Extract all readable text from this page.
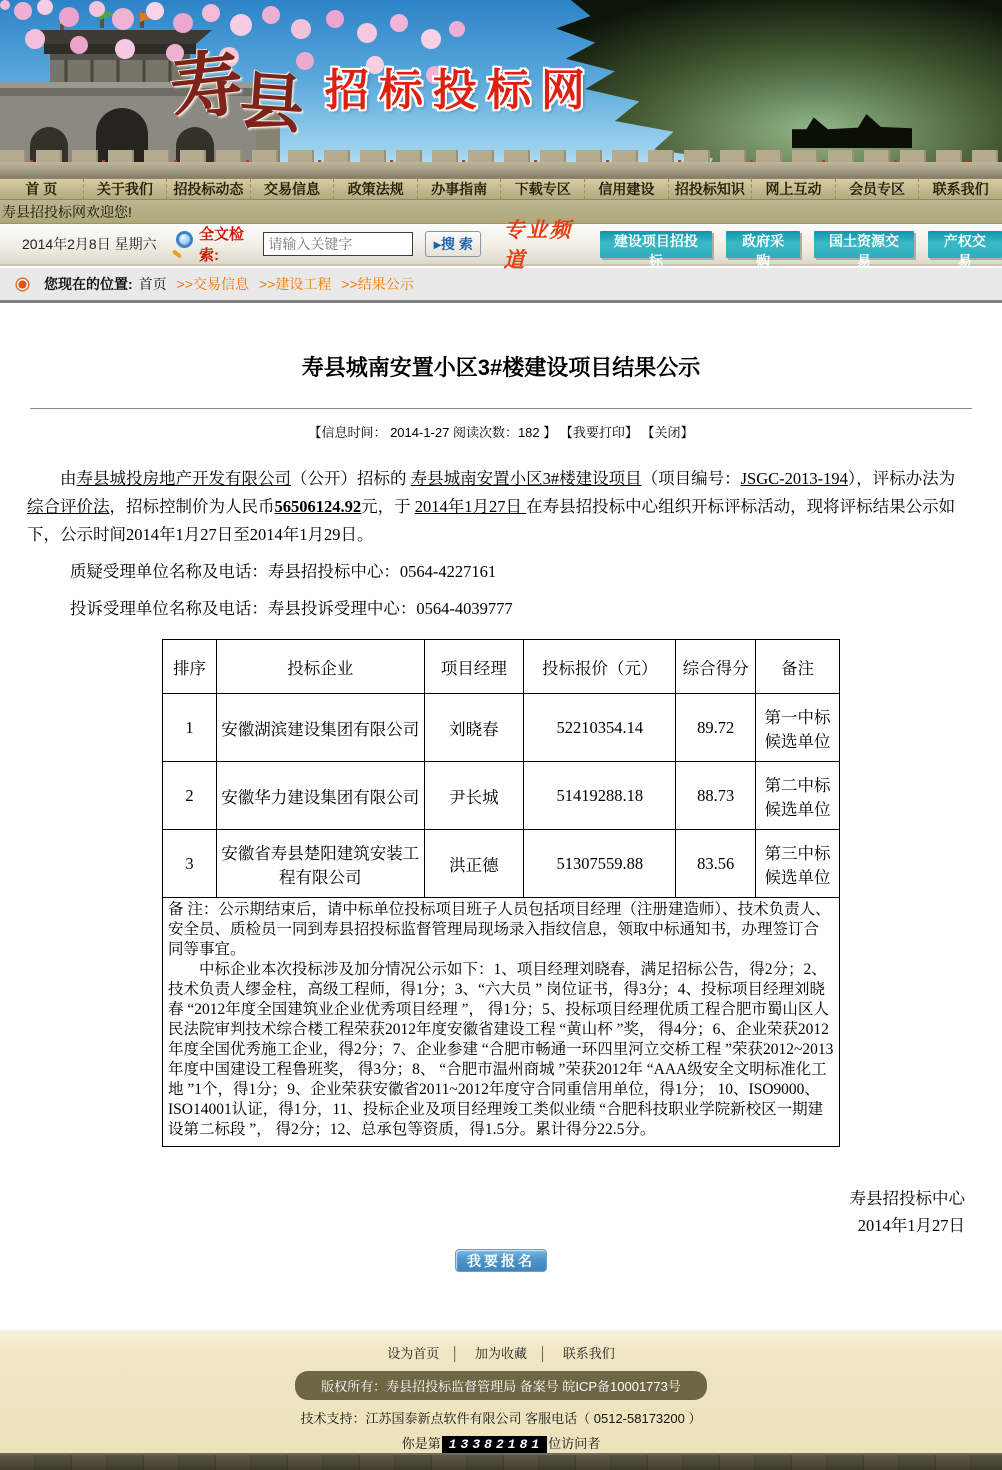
寿 县 招标投标网
首 页	关于我们	招投标动态	交易信息	政策法规	办事指南	下载专区	信用建设	招投标知识	网上互动	会员专区	联系我们
寿县招投标网欢迎您!
2014年2月8日 星期六
全文检索:
请输入关键字
▸搜 索
专业频道
建设项目招投标
政府采购
国土资源交易
产权交易
您现在的位置: 首页 >>交易信息 >>建设工程 >>结果公示
寿县城南安置小区3#楼建设项目结果公示
【信息时间： 2014-1-27 阅读次数：182 】 【我要打印】 【关闭】

由寿县城投房地产开发有限公司（公开）招标的 寿县城南安置小区3#楼建设项目（项目编号：JSGC-2013-194），评标办法为 综合评价法，招标控制价为人民币56506124.92元，于 2014年1月27日 在寿县招投标中心组织开标评标活动，现将评标结果公示如下，公示时间2014年1月27日至2014年1月29日。

质疑受理单位名称及电话：寿县招投标中心：0564-4227161

投诉受理单位名称及电话：寿县投诉受理中心：0564-4039777

排序	投标企业	项目经理	投标报价（元）	综合得分	备注
1	安徽湖滨建设集团有限公司	刘晓春	52210354.14	89.72	第一中标候选单位
2	安徽华力建设集团有限公司	尹长城	51419288.18	88.73	第二中标候选单位
3	安徽省寿县楚阳建筑安装工程有限公司	洪正德	51307559.88	83.56	第三中标候选单位

备 注：公示期结束后，请中标单位投标项目班子人员包括项目经理（注册建造师）、技术负责人、安全员、质检员一同到寿县招投标监督管理局现场录入指纹信息，领取中标通知书，办理签订合同等事宜。

中标企业本次投标涉及加分情况公示如下：1、项目经理刘晓春，满足招标公告，得2分；2、技术负责人缪金柱，高级工程师，得1分；3、“六大员 ” 岗位证书，得3分；4、投标项目经理刘晓春 “2012年度全国建筑业企业优秀项目经理 ”， 得1分；5、投标项目经理优质工程合肥市蜀山区人民法院审判技术综合楼工程荣获2012年度安徽省建设工程 “黄山杯 ”奖， 得4分；6、企业荣获2012年度全国优秀施工企业，得2分；7、企业参建 “合肥市畅通一环四里河立交桥工程 ”荣获2012~2013年度中国建设工程鲁班奖， 得3分；8、 “合肥市温州商城 ”荣获2012年 “AAA级安全文明标准化工地 ”1个，得1分；9、企业荣获安徽省2011~2012年度守合同重信用单位，得1分； 10、ISO9000、ISO14001认证，得1分，11、投标企业及项目经理竣工类似业绩 “合肥科技职业学院新校区一期建设第二标段 ”， 得2分；12、总承包等资质，得1.5分。累计得分22.5分。

寿县招投标中心
2014年1月27日
我要报名
设为首页 │ 加为收藏 │ 联系我们
版权所有：寿县招投标监督管理局 备案号 皖ICP备10001773号
技术支持：江苏国泰新点软件有限公司 客服电话（ 0512-58173200 ）
你是第 13382181 位访问者
